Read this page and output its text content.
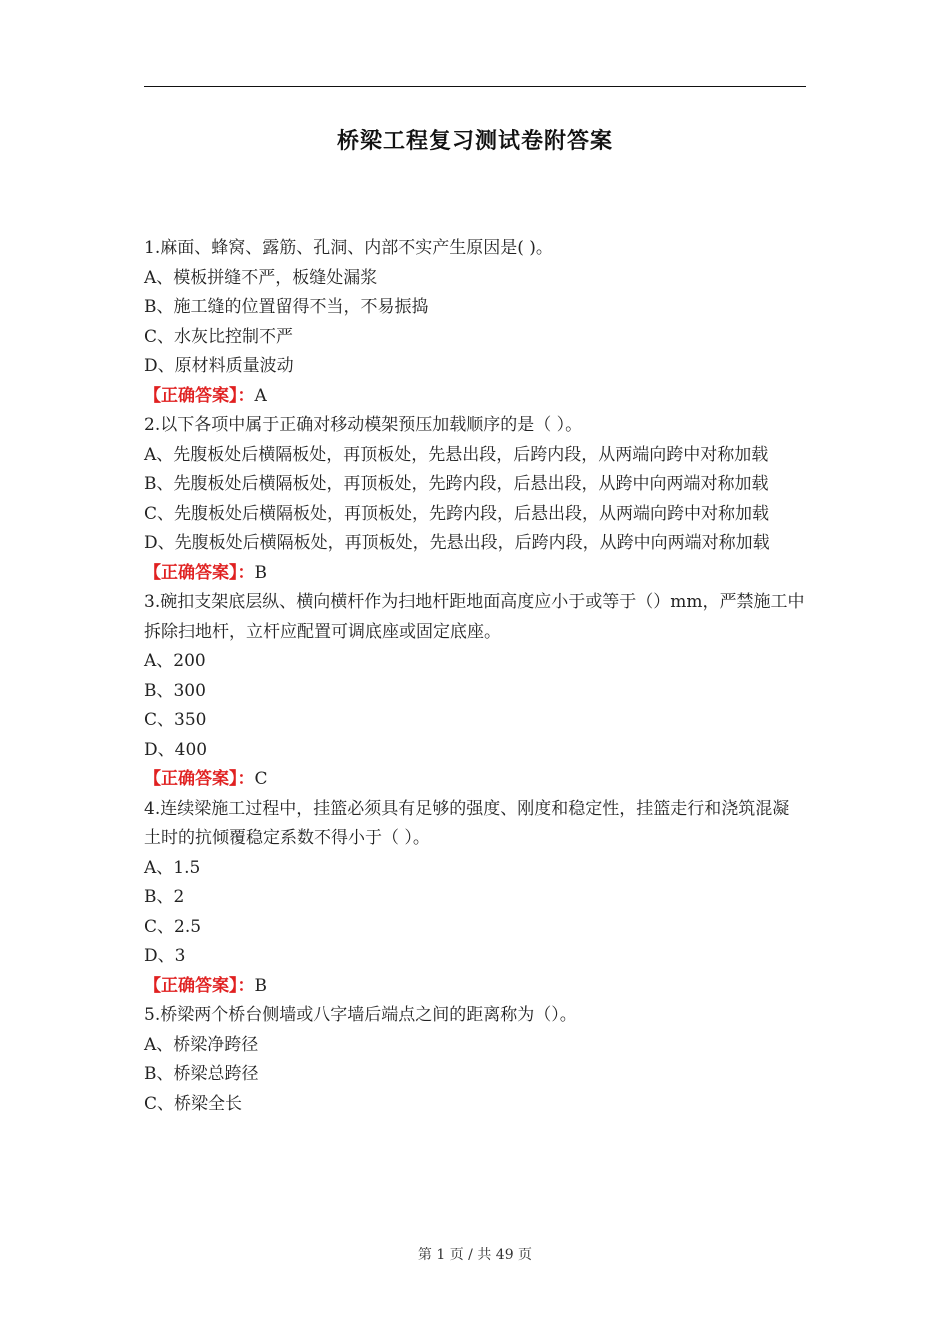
桥梁工程复习测试卷附答案
1.麻面、蜂窝、露筋、孔洞、内部不实产生原因是( )。
A、模板拼缝不严，板缝处漏浆
B、施工缝的位置留得不当，不易振捣
C、水灰比控制不严
D、原材料质量波动
【正确答案】：A
2.以下各项中属于正确对移动模架预压加载顺序的是（ ）。
A、先腹板处后横隔板处，再顶板处，先悬出段，后跨内段，从两端向跨中对称加载
B、先腹板处后横隔板处，再顶板处，先跨内段，后悬出段，从跨中向两端对称加载
C、先腹板处后横隔板处，再顶板处，先跨内段，后悬出段，从两端向跨中对称加载
D、先腹板处后横隔板处，再顶板处，先悬出段，后跨内段，从跨中向两端对称加载
【正确答案】：B
3.碗扣支架底层纵、横向横杆作为扫地杆距地面高度应小于或等于（）mm，严禁施工中拆除扫地杆，立杆应配置可调底座或固定底座。
A、200
B、300
C、350
D、400
【正确答案】：C
4.连续梁施工过程中，挂篮必须具有足够的强度、刚度和稳定性，挂篮走行和浇筑混凝土时的抗倾覆稳定系数不得小于（ ）。
A、1.5
B、2
C、2.5
D、3
【正确答案】：B
5.桥梁两个桥台侧墙或八字墙后端点之间的距离称为（）。
A、桥梁净跨径
B、桥梁总跨径
C、桥梁全长
第 1 页 / 共 49 页
